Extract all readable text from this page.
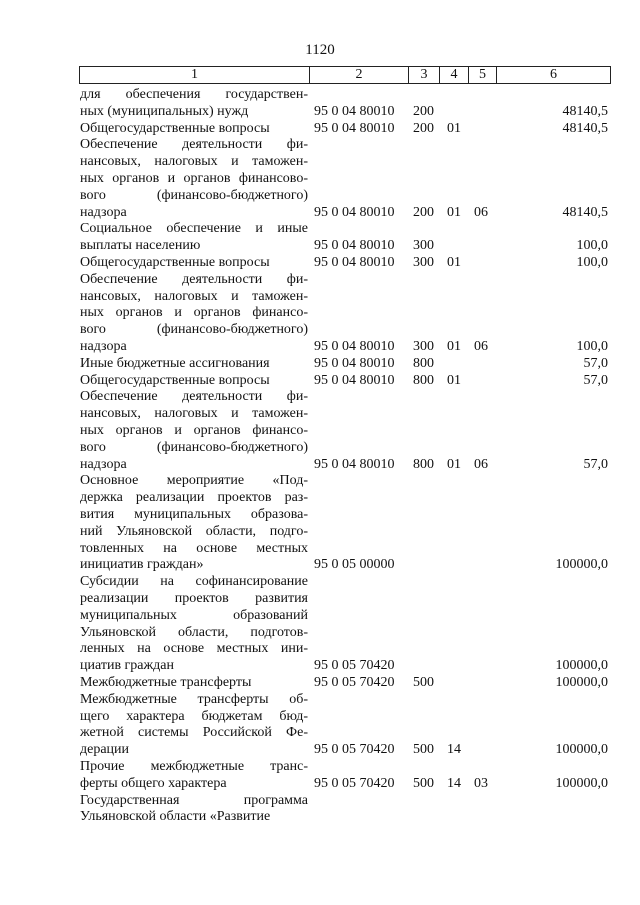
1120
1	2	3	4	5	6
для обеспечения государствен-
ных (муниципальных) нужд	95 0 04 80010 200	48140,5
Общегосударственные вопросы	95 0 04 80010 200 01	48140,5
Обеспечение деятельности фи-
нансовых, налоговых и таможен-
ных органов и органов финансово-
вого (финансово-бюджетного)
надзора	95 0 04 80010 200 01 06	48140,5
Социальное обеспечение и иные
выплаты населению	95 0 04 80010 300	100,0
Общегосударственные вопросы	95 0 04 80010 300 01	100,0
Обеспечение деятельности фи-
нансовых, налоговых и таможен-
ных органов и органов финансо-
вого (финансово-бюджетного)
надзора	95 0 04 80010 300 01 06	100,0
Иные бюджетные ассигнования	95 0 04 80010 800	57,0
Общегосударственные вопросы	95 0 04 80010 800 01	57,0
Обеспечение деятельности фи-
нансовых, налоговых и таможен-
ных органов и органов финансо-
вого (финансово-бюджетного)
надзора	95 0 04 80010 800 01 06	57,0
Основное мероприятие «Под-
держка реализации проектов раз-
вития муниципальных образова-
ний Ульяновской области, подго-
товленных на основе местных
инициатив граждан»	95 0 05 00000	100000,0
Субсидии на софинансирование
реализации проектов развития
муниципальных образований
Ульяновской области, подготов-
ленных на основе местных ини-
циатив граждан	95 0 05 70420	100000,0
Межбюджетные трансферты	95 0 05 70420 500	100000,0
Межбюджетные трансферты об-
щего характера бюджетам бюд-
жетной системы Российской Фе-
дерации	95 0 05 70420 500 14	100000,0
Прочие межбюджетные транс-
ферты общего характера	95 0 05 70420 500 14 03	100000,0
Государственная программа
Ульяновской области «Развитие
